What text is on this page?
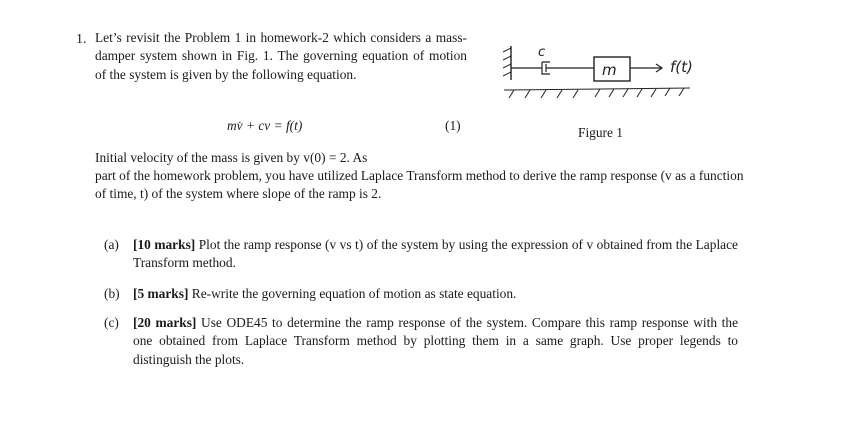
1. Let’s revisit the Problem 1 in homework-2 which considers a mass-damper system shown in Fig. 1. The governing equation of motion of the system is given by the following equation.

c
m	f(t)
mv̇ + cv = f(t)	(1)	Figure 1

Initial velocity of the mass is given by v(0) = 2. As

part of the homework problem, you have utilized Laplace Transform method to derive the ramp response (v as a function of time, t) of the system where slope of the ramp is 2.

(a) [10 marks] Plot the ramp response (v vs t) of the system by using the expression of v obtained from the Laplace Transform method.
(b) [5 marks] Re-write the governing equation of motion as state equation.
(c) [20 marks] Use ODE45 to determine the ramp response of the system. Compare this ramp response with the one obtained from Laplace Transform method by plotting them in a same graph. Use proper legends to distinguish the plots.
